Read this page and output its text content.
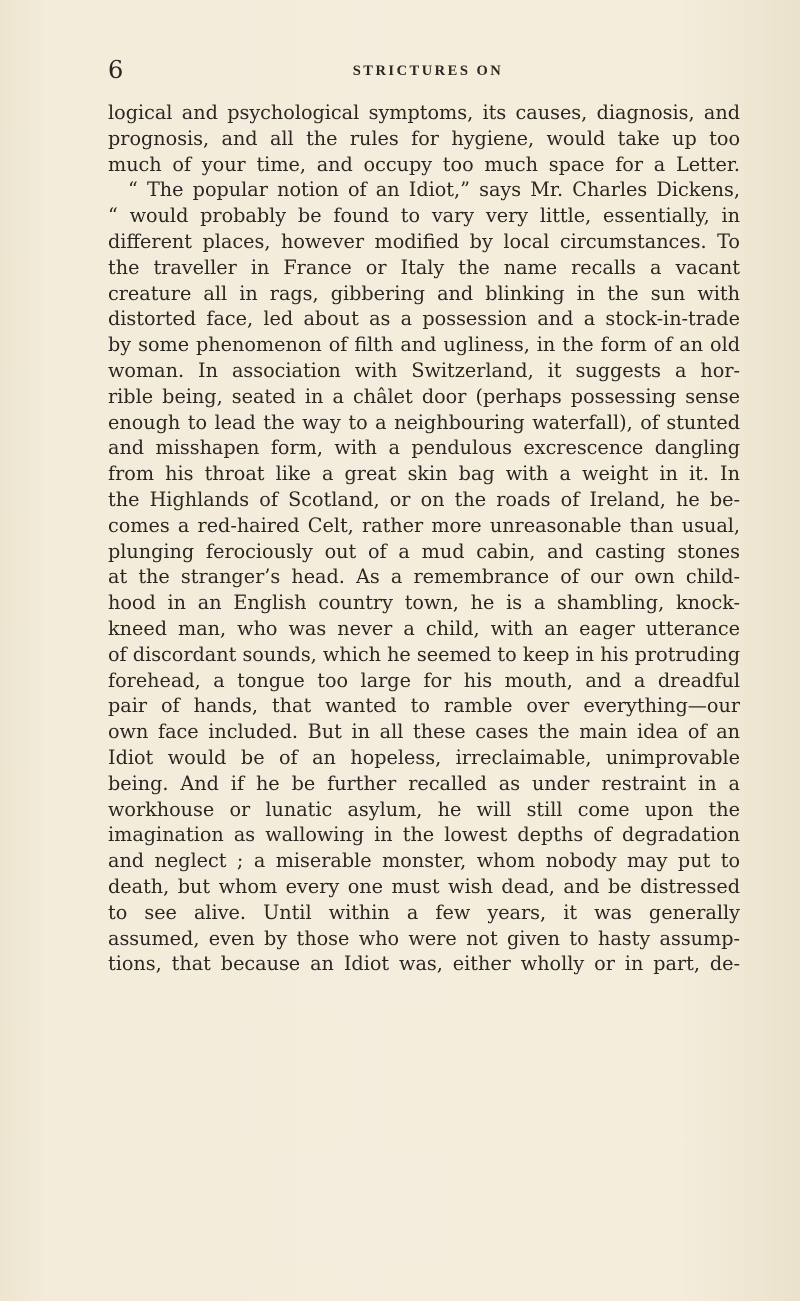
6	STRICTURES ON
logical and psychological symptoms, its causes, diagnosis, and
prognosis, and all the rules for hygiene, would take up too
much of your time, and occupy too much space for a Letter.
“ The popular notion of an Idiot,” says Mr. Charles Dickens,
“ would probably be found to vary very little, essentially, in
different places, however modified by local circumstances. To
the traveller in France or Italy the name recalls a vacant
creature all in rags, gibbering and blinking in the sun with
distorted face, led about as a possession and a stock-in-trade
by some phenomenon of filth and ugliness, in the form of an old
woman. In association with Switzerland, it suggests a hor-
rible being, seated in a châlet door (perhaps possessing sense
enough to lead the way to a neighbouring waterfall), of stunted
and misshapen form, with a pendulous excrescence dangling
from his throat like a great skin bag with a weight in it. In
the Highlands of Scotland, or on the roads of Ireland, he be-
comes a red-haired Celt, rather more unreasonable than usual,
plunging ferociously out of a mud cabin, and casting stones
at the stranger’s head. As a remembrance of our own child-
hood in an English country town, he is a shambling, knock-
kneed man, who was never a child, with an eager utterance
of discordant sounds, which he seemed to keep in his protruding
forehead, a tongue too large for his mouth, and a dreadful
pair of hands, that wanted to ramble over everything—our
own face included. But in all these cases the main idea of an
Idiot would be of an hopeless, irreclaimable, unimprovable
being. And if he be further recalled as under restraint in a
workhouse or lunatic asylum, he will still come upon the
imagination as wallowing in the lowest depths of degradation
and neglect ; a miserable monster, whom nobody may put to
death, but whom every one must wish dead, and be distressed
to see alive. Until within a few years, it was generally
assumed, even by those who were not given to hasty assump-
tions, that because an Idiot was, either wholly or in part, de-
